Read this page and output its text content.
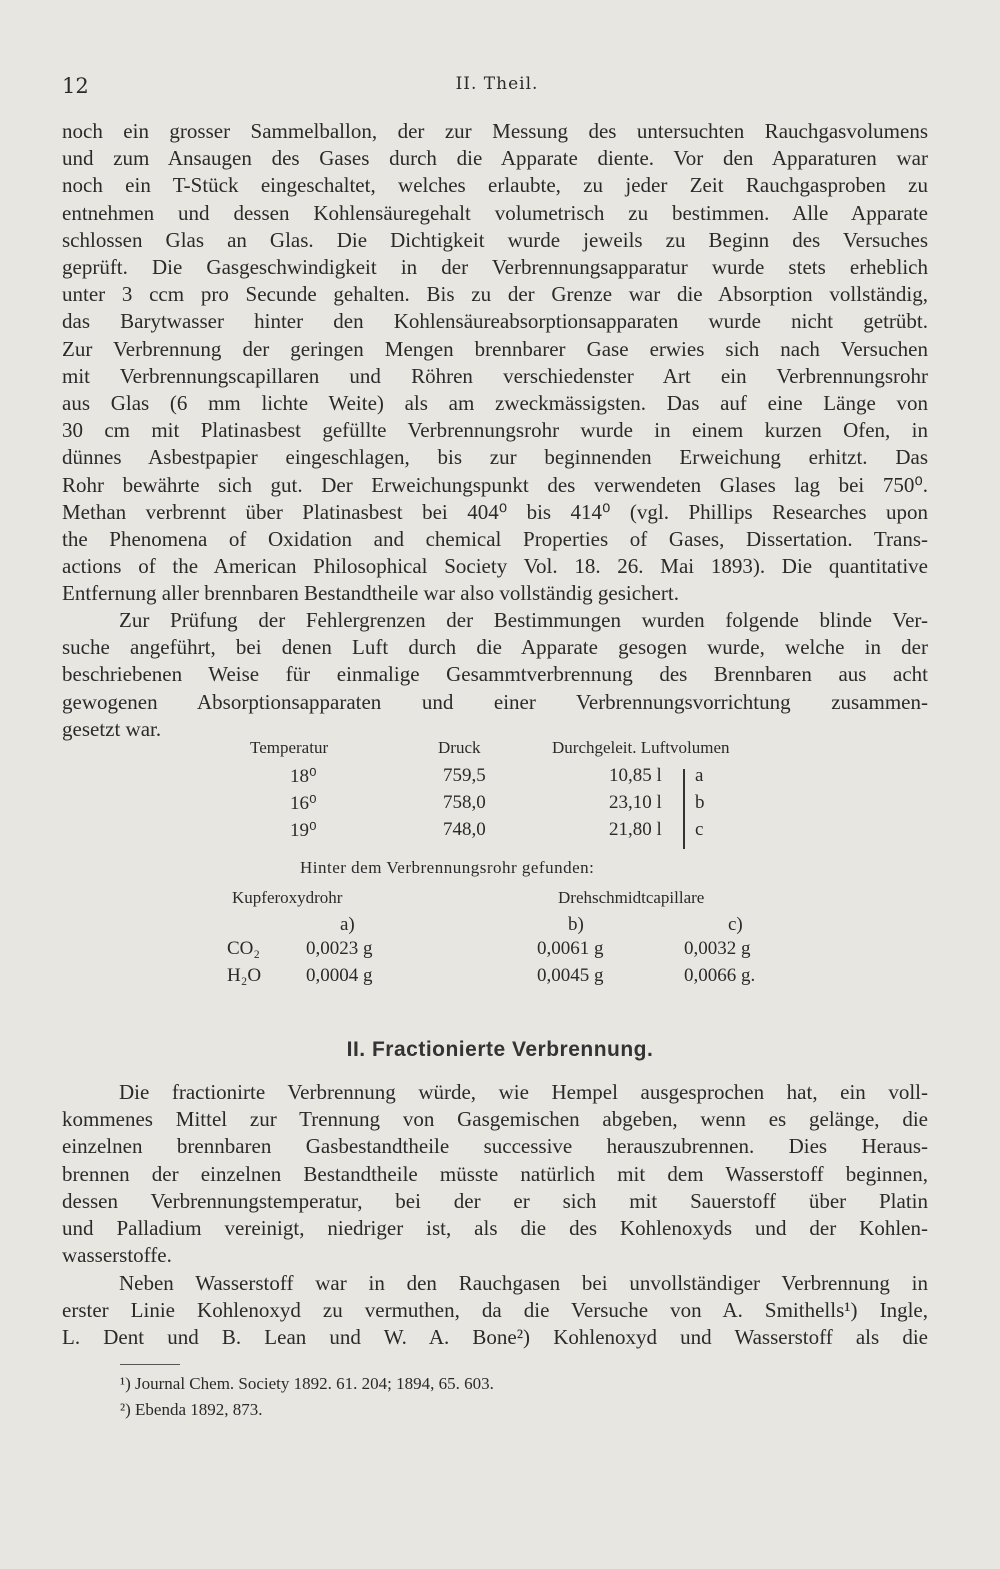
12	II. Theil.

noch ein grosser Sammelballon, der zur Messung des untersuchten Rauchgasvolumens
und zum Ansaugen des Gases durch die Apparate diente. Vor den Apparaturen war
noch ein T-Stück eingeschaltet, welches erlaubte, zu jeder Zeit Rauchgasproben zu
entnehmen und dessen Kohlensäuregehalt volumetrisch zu bestimmen. Alle Apparate
schlossen Glas an Glas. Die Dichtigkeit wurde jeweils zu Beginn des Versuches
geprüft. Die Gasgeschwindigkeit in der Verbrennungsapparatur wurde stets erheblich
unter 3 ccm pro Secunde gehalten. Bis zu der Grenze war die Absorption vollständig,
das Barytwasser hinter den Kohlensäureabsorptionsapparaten wurde nicht getrübt.
Zur Verbrennung der geringen Mengen brennbarer Gase erwies sich nach Versuchen
mit Verbrennungscapillaren und Röhren verschiedenster Art ein Verbrennungsrohr
aus Glas (6 mm lichte Weite) als am zweckmässigsten. Das auf eine Länge von
30 cm mit Platinasbest gefüllte Verbrennungsrohr wurde in einem kurzen Ofen, in
dünnes Asbestpapier eingeschlagen, bis zur beginnenden Erweichung erhitzt. Das
Rohr bewährte sich gut. Der Erweichungspunkt des verwendeten Glases lag bei 750⁰.
Methan verbrennt über Platinasbest bei 404⁰ bis 414⁰ (vgl. Phillips Researches upon
the Phenomena of Oxidation and chemical Properties of Gases, Dissertation. Trans-
actions of the American Philosophical Society Vol. 18. 26. Mai 1893). Die quantitative
Entfernung aller brennbaren Bestandtheile war also vollständig gesichert.

Zur Prüfung der Fehlergrenzen der Bestimmungen wurden folgende blinde Ver-
suche angeführt, bei denen Luft durch die Apparate gesogen wurde, welche in der
beschriebenen Weise für einmalige Gesammtverbrennung des Brennbaren aus acht
gewogenen Absorptionsapparaten und einer Verbrennungsvorrichtung zusammen-
gesetzt war.

Temperatur	Druck	Durchgeleit. Luftvolumen
18⁰	759,5	10,85 l a
16⁰	758,0	23,10 l b
19⁰	748,0	21,80 l c
Hinter dem Verbrennungsrohr gefunden:
Kupferoxydrohr	Drehschmidtcapillare
a)	b)	c)
CO₂ 0,0023 g	0,0061 g	0,0032 g
H₂O 0,0004 g	0,0045 g	0,0066 g.
II. Fractionierte Verbrennung.

Die fractionirte Verbrennung würde, wie Hempel ausgesprochen hat, ein voll-
kommenes Mittel zur Trennung von Gasgemischen abgeben, wenn es gelänge, die
einzelnen brennbaren Gasbestandtheile successive herauszubrennen. Dies Heraus-
brennen der einzelnen Bestandtheile müsste natürlich mit dem Wasserstoff beginnen,
dessen Verbrennungstemperatur, bei der er sich mit Sauerstoff über Platin
und Palladium vereinigt, niedriger ist, als die des Kohlenoxyds und der Kohlen-
wasserstoffe.

Neben Wasserstoff war in den Rauchgasen bei unvollständiger Verbrennung in
erster Linie Kohlenoxyd zu vermuthen, da die Versuche von A. Smithells¹) Ingle,
L. Dent und B. Lean und W. A. Bone²) Kohlenoxyd und Wasserstoff als die

¹) Journal Chem. Society 1892. 61. 204; 1894, 65. 603.
²) Ebenda 1892, 873.
